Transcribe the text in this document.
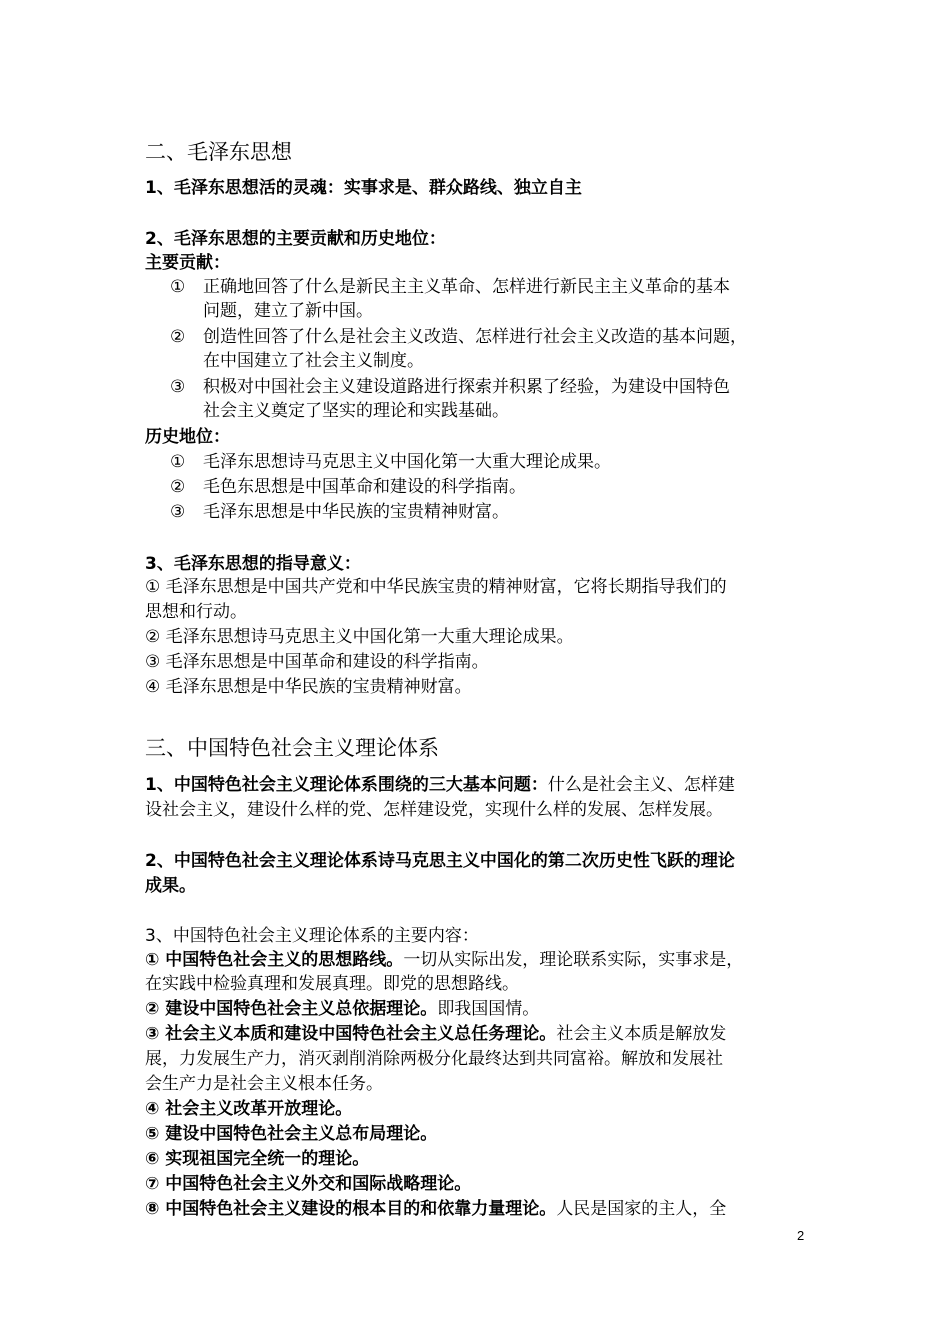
二、毛泽东思想
1、毛泽东思想活的灵魂：实事求是、群众路线、独立自主
2、毛泽东思想的主要贡献和历史地位：
主要贡献：
① 正确地回答了什么是新民主主义革命、怎样进行新民主主义革命的基本
问题，建立了新中国。
② 创造性回答了什么是社会主义改造、怎样进行社会主义改造的基本问题，
在中国建立了社会主义制度。
③ 积极对中国社会主义建设道路进行探索并积累了经验，为建设中国特色
社会主义奠定了坚实的理论和实践基础。
历史地位：
① 毛泽东思想诗马克思主义中国化第一大重大理论成果。
② 毛色东思想是中国革命和建设的科学指南。
③ 毛泽东思想是中华民族的宝贵精神财富。
3、毛泽东思想的指导意义：
① 毛泽东思想是中国共产党和中华民族宝贵的精神财富，它将长期指导我们的
思想和行动。
② 毛泽东思想诗马克思主义中国化第一大重大理论成果。
③ 毛泽东思想是中国革命和建设的科学指南。
④ 毛泽东思想是中华民族的宝贵精神财富。
三、中国特色社会主义理论体系
1、中国特色社会主义理论体系围绕的三大基本问题：什么是社会主义、怎样建
设社会主义，建设什么样的党、怎样建设党，实现什么样的发展、怎样发展。
2、中国特色社会主义理论体系诗马克思主义中国化的第二次历史性飞跃的理论
成果。
3、中国特色社会主义理论体系的主要内容：
① 中国特色社会主义的思想路线。一切从实际出发，理论联系实际，实事求是，
在实践中检验真理和发展真理。即党的思想路线。
② 建设中国特色社会主义总依据理论。即我国国情。
③ 社会主义本质和建设中国特色社会主义总任务理论。社会主义本质是解放发
展，力发展生产力，消灭剥削消除两极分化最终达到共同富裕。解放和发展社
会生产力是社会主义根本任务。
④ 社会主义改革开放理论。
⑤ 建设中国特色社会主义总布局理论。
⑥ 实现祖国完全统一的理论。
⑦ 中国特色社会主义外交和国际战略理论。
⑧ 中国特色社会主义建设的根本目的和依靠力量理论。人民是国家的主人，全
2
